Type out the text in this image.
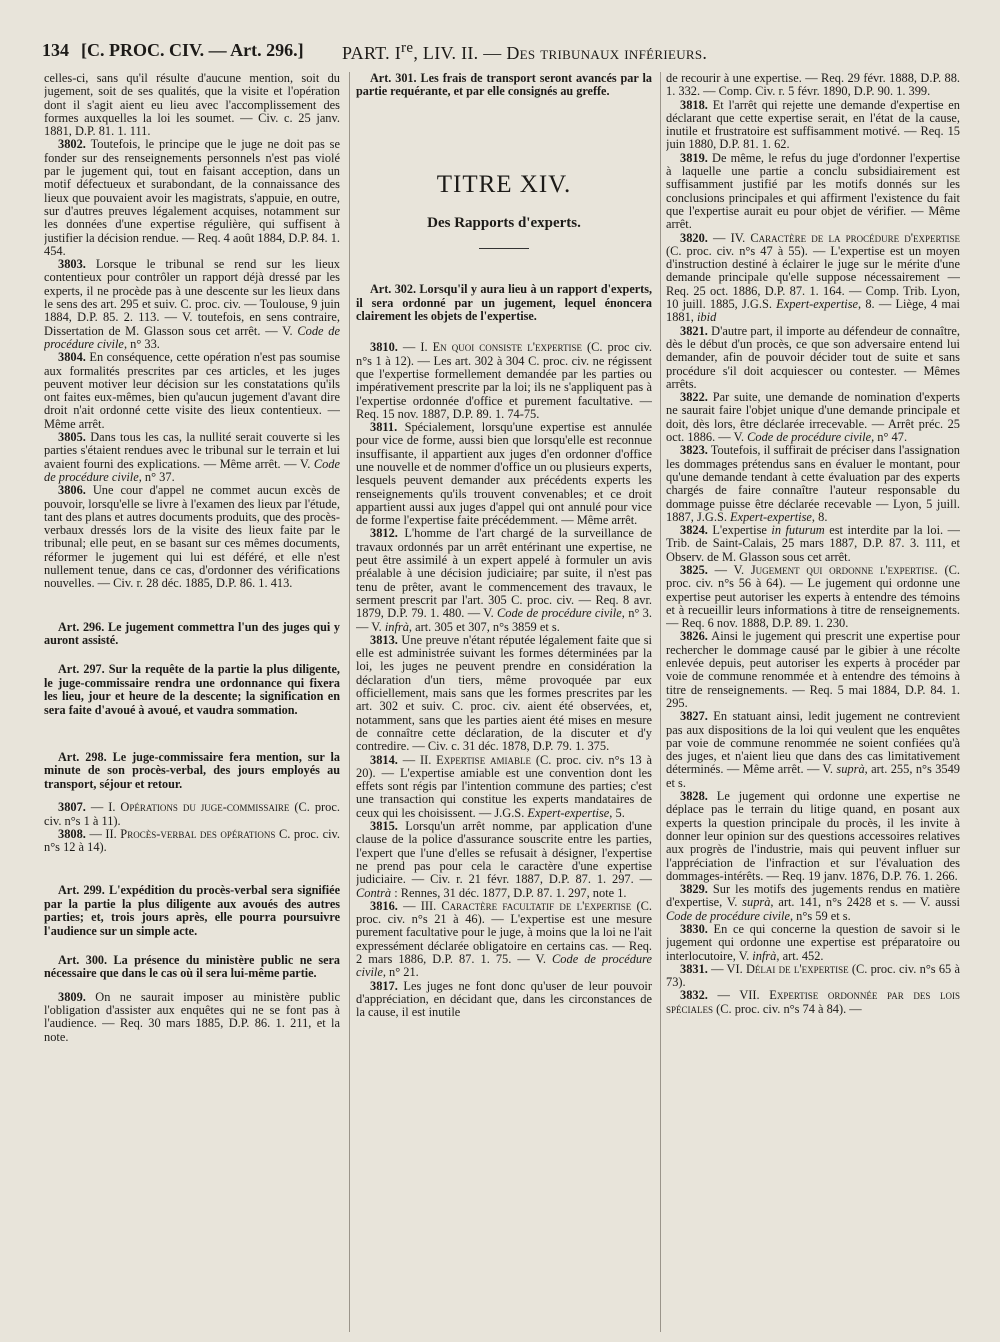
134 [C. PROC. CIV. — Art. 296.] PART. Ire, LIV. II. — Des tribunaux inférieurs.

celles-ci, sans qu'il résulte d'aucune mention, soit du jugement, soit de ses qualités, que la visite et l'opération dont il s'agit aient eu lieu avec l'accomplissement des formes auxquelles la loi les soumet. — Civ. c. 25 janv. 1881, D.P. 81. 1. 111.

3802. Toutefois, le principe que le juge ne doit pas se fonder sur des renseignements personnels n'est pas violé par le jugement qui, tout en faisant acception, dans un motif défectueux et surabondant, de la connaissance des lieux que pouvaient avoir les magistrats, s'appuie, en outre, sur d'autres preuves légalement acquises, notamment sur les données d'une expertise régulière, qui suffisent à justifier la décision rendue. — Req. 4 août 1884, D.P. 84. 1. 454.

3803. Lorsque le tribunal se rend sur les lieux contentieux pour contrôler un rapport déjà dressé par les experts, il ne procède pas à une descente sur les lieux dans le sens des art. 295 et suiv. C. proc. civ. — Toulouse, 9 juin 1884, D.P. 85. 2. 113. — V. toutefois, en sens contraire, Dissertation de M. Glasson sous cet arrêt. — V. Code de procédure civile, n° 33.

3804. En conséquence, cette opération n'est pas soumise aux formalités prescrites par ces articles, et les juges peuvent motiver leur décision sur les constatations qu'ils ont faites eux-mêmes, bien qu'aucun jugement d'avant dire droit n'ait ordonné cette visite des lieux contentieux. — Même arrêt.

3805. Dans tous les cas, la nullité serait couverte si les parties s'étaient rendues avec le tribunal sur le terrain et lui avaient fourni des explications. — Même arrêt. — V. Code de procédure civile, n° 37.

3806. Une cour d'appel ne commet aucun excès de pouvoir, lorsqu'elle se livre à l'examen des lieux par l'étude, tant des plans et autres documents produits, que des procès-verbaux dressés lors de la visite des lieux faite par le tribunal; elle peut, en se basant sur ces mêmes documents, réformer le jugement qui lui est déféré, et elle n'est nullement tenue, dans ce cas, d'ordonner des vérifications nouvelles. — Civ. r. 28 déc. 1885, D.P. 86. 1. 413.

Art. 296. Le jugement commettra l'un des juges qui y auront assisté.

Art. 297. Sur la requête de la partie la plus diligente, le juge-commissaire rendra une ordonnance qui fixera les lieu, jour et heure de la descente; la signification en sera faite d'avoué à avoué, et vaudra sommation.

Art. 298. Le juge-commissaire fera mention, sur la minute de son procès-verbal, des jours employés au transport, séjour et retour.

3807. — I. Opérations du juge-commissaire (C. proc. civ. n°s 1 à 11).

3808. — II. Procès-verbal des opérations C. proc. civ. n°s 12 à 14).

Art. 299. L'expédition du procès-verbal sera signifiée par la partie la plus diligente aux avoués des autres parties; et, trois jours après, elle pourra poursuivre l'audience sur un simple acte.

Art. 300. La présence du ministère public ne sera nécessaire que dans le cas où il sera lui-même partie.

3809. On ne saurait imposer au ministère public l'obligation d'assister aux enquêtes qui ne se font pas à l'audience. — Req. 30 mars 1885, D.P. 86. 1. 211, et la note.

Art. 301. Les frais de transport seront avancés par la partie requérante, et par elle consignés au greffe.

TITRE XIV.
Des Rapports d'experts.

Art. 302. Lorsqu'il y aura lieu à un rapport d'experts, il sera ordonné par un jugement, lequel énoncera clairement les objets de l'expertise.

3810. — I. En quoi consiste l'expertise (C. proc civ. n°s 1 à 12). — Les art. 302 à 304 C. proc. civ. ne régissent que l'expertise formellement demandée par les parties ou impérativement prescrite par la loi; ils ne s'appliquent pas à l'expertise ordonnée d'office et purement facultative. — Req. 15 nov. 1887, D.P. 89. 1. 74-75.

3811. Spécialement, lorsqu'une expertise est annulée pour vice de forme, aussi bien que lorsqu'elle est reconnue insuffisante, il appartient aux juges d'en ordonner d'office une nouvelle et de nommer d'office un ou plusieurs experts, lesquels peuvent demander aux précédents experts les renseignements qu'ils trouvent convenables; et ce droit appartient aussi aux juges d'appel qui ont annulé pour vice de forme l'expertise faite précédemment. — Même arrêt.

3812. L'homme de l'art chargé de la surveillance de travaux ordonnés par un arrêt entérinant une expertise, ne peut être assimilé à un expert appelé à formuler un avis préalable à une décision judiciaire; par suite, il n'est pas tenu de prêter, avant le commencement des travaux, le serment prescrit par l'art. 305 C. proc. civ. — Req. 8 avr. 1879, D.P. 79. 1. 480. — V. Code de procédure civile, n° 3. — V. infrà, art. 305 et 307, n°s 3859 et s.

3813. Une preuve n'étant réputée légalement faite que si elle est administrée suivant les formes déterminées par la loi, les juges ne peuvent prendre en considération la déclaration d'un tiers, même provoquée par eux officiellement, mais sans que les formes prescrites par les art. 302 et suiv. C. proc. civ. aient été observées, et, notamment, sans que les parties aient été mises en mesure de connaître cette déclaration, de la discuter et d'y contredire. — Civ. c. 31 déc. 1878, D.P. 79. 1. 375.

3814. — II. Expertise amiable (C. proc. civ. n°s 13 à 20). — L'expertise amiable est une convention dont les effets sont régis par l'intention commune des parties; c'est une transaction qui constitue les experts mandataires de ceux qui les choisissent. — J.G.S. Expert-expertise, 5.

3815. Lorsqu'un arrêt nomme, par application d'une clause de la police d'assurance souscrite entre les parties, l'expert que l'une d'elles se refusait à désigner, l'expertise ne prend pas pour cela le caractère d'une expertise judiciaire. — Civ. r. 21 févr. 1887, D.P. 87. 1. 297. — Contrà : Rennes, 31 déc. 1877, D.P. 87. 1. 297, note 1.

3816. — III. Caractère facultatif de l'expertise (C. proc. civ. n°s 21 à 46). — L'expertise est une mesure purement facultative pour le juge, à moins que la loi ne l'ait expressément déclarée obligatoire en certains cas. — Req. 2 mars 1886, D.P. 87. 1. 75. — V. Code de procédure civile, n° 21.

3817. Les juges ne font donc qu'user de leur pouvoir d'appréciation, en décidant que, dans les circonstances de la cause, il est inutile

de recourir à une expertise. — Req. 29 févr. 1888, D.P. 88. 1. 332. — Comp. Civ. r. 5 févr. 1890, D.P. 90. 1. 399.

3818. Et l'arrêt qui rejette une demande d'expertise en déclarant que cette expertise serait, en l'état de la cause, inutile et frustratoire est suffisamment motivé. — Req. 15 juin 1880, D.P. 81. 1. 62.

3819. De même, le refus du juge d'ordonner l'expertise à laquelle une partie a conclu subsidiairement est suffisamment justifié par les motifs donnés sur les conclusions principales et qui affirment l'existence du fait que l'expertise aurait eu pour objet de vérifier. — Même arrêt.

3820. — IV. Caractère de la procédure d'expertise (C. proc. civ. n°s 47 à 55). — L'expertise est un moyen d'instruction destiné à éclairer le juge sur le mérite d'une demande principale qu'elle suppose nécessairement — Req. 25 oct. 1886, D.P. 87. 1. 164. — Comp. Trib. Lyon, 10 juill. 1885, J.G.S. Expert-expertise, 8. — Liège, 4 mai 1881, ibid

3821. D'autre part, il importe au défendeur de connaître, dès le début d'un procès, ce que son adversaire entend lui demander, afin de pouvoir décider tout de suite et sans procédure s'il doit acquiescer ou contester. — Mêmes arrêts.

3822. Par suite, une demande de nomination d'experts ne saurait faire l'objet unique d'une demande principale et doit, dès lors, être déclarée irrecevable. — Arrêt préc. 25 oct. 1886. — V. Code de procédure civile, n° 47.

3823. Toutefois, il suffirait de préciser dans l'assignation les dommages prétendus sans en évaluer le montant, pour qu'une demande tendant à cette évaluation par des experts chargés de faire connaître l'auteur responsable du dommage puisse être déclarée recevable — Lyon, 5 juill. 1887, J.G.S. Expert-expertise, 8.

3824. L'expertise in futurum est interdite par la loi. — Trib. de Saint-Calais, 25 mars 1887, D.P. 87. 3. 111, et Observ. de M. Glasson sous cet arrêt.

3825. — V. Jugement qui ordonne l'expertise. (C. proc. civ. n°s 56 à 64). — Le jugement qui ordonne une expertise peut autoriser les experts à entendre des témoins et à recueillir leurs informations à titre de renseignements. — Req. 6 nov. 1888, D.P. 89. 1. 230.

3826. Ainsi le jugement qui prescrit une expertise pour rechercher le dommage causé par le gibier à une récolte enlevée depuis, peut autoriser les experts à procéder par voie de commune renommée et à entendre des témoins à titre de renseignements. — Req. 5 mai 1884, D.P. 84. 1. 295.

3827. En statuant ainsi, ledit jugement ne contrevient pas aux dispositions de la loi qui veulent que les enquêtes par voie de commune renommée ne soient confiées qu'à des juges, et n'aient lieu que dans des cas limitativement déterminés. — Même arrêt. — V. suprà, art. 255, n°s 3549 et s.

3828. Le jugement qui ordonne une expertise ne déplace pas le terrain du litige quand, en posant aux experts la question principale du procès, il les invite à donner leur opinion sur des questions accessoires relatives aux progrès de l'industrie, mais qui peuvent influer sur l'appréciation de l'infraction et sur l'évaluation des dommages-intérêts. — Req. 19 janv. 1876, D.P. 76. 1. 266.

3829. Sur les motifs des jugements rendus en matière d'expertise, V. suprà, art. 141, n°s 2428 et s. — V. aussi Code de procédure civile, n°s 59 et s.

3830. En ce qui concerne la question de savoir si le jugement qui ordonne une expertise est préparatoire ou interlocutoire, V. infrà, art. 452.

3831. — VI. Délai de l'expertise (C. proc. civ. n°s 65 à 73).

3832. — VII. Expertise ordonnée par des lois spéciales (C. proc. civ. n°s 74 à 84). —
